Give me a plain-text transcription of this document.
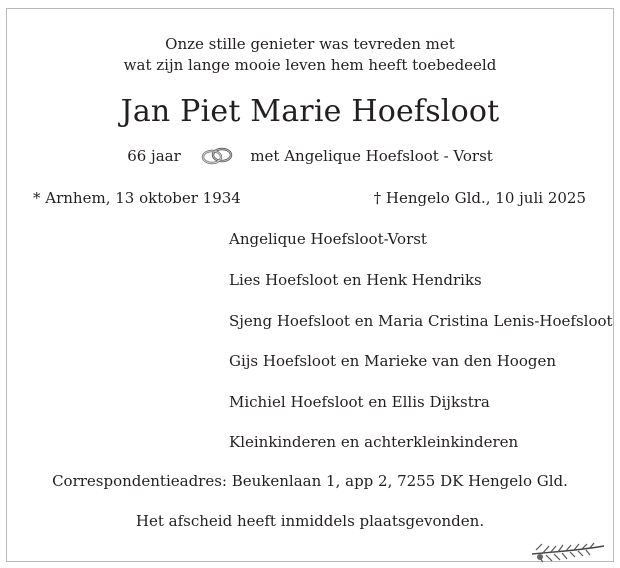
Onze stille genieter was tevreden met
wat zijn lange mooie leven hem heeft toebedeeld
Jan Piet Marie Hoefsloot
66 jaar	met Angelique Hoefsloot - Vorst
* Arnhem, 13 oktober 1934	† Hengelo Gld., 10 juli 2025
Angelique Hoefsloot-Vorst
Lies Hoefsloot en Henk Hendriks
Sjeng Hoefsloot en Maria Cristina Lenis-Hoefsloot
Gijs Hoefsloot en Marieke van den Hoogen
Michiel Hoefsloot en Ellis Dijkstra
Kleinkinderen en achterkleinkinderen
Correspondentieadres: Beukenlaan 1, app 2, 7255 DK Hengelo Gld.
Het afscheid heeft inmiddels plaatsgevonden.
